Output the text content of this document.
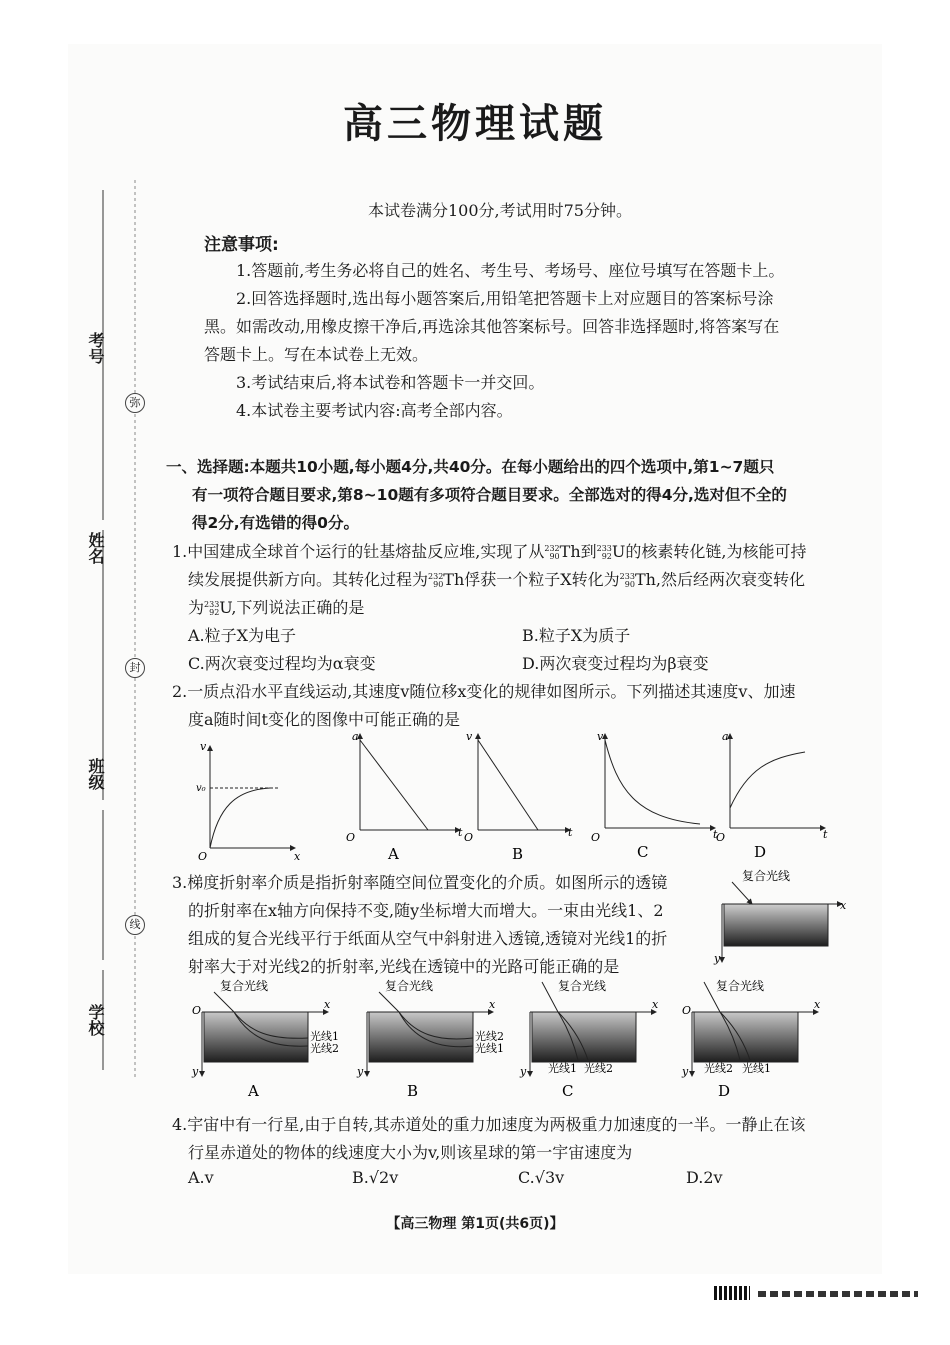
考号
姓名
班级
学校
弥
封
线
高三物理试题
本试卷满分100分,考试用时75分钟。
注意事项:
1.答题前,考生务必将自己的姓名、考生号、考场号、座位号填写在答题卡上。
2.回答选择题时,选出每小题答案后,用铅笔把答题卡上对应题目的答案标号涂
黑。如需改动,用橡皮擦干净后,再选涂其他答案标号。回答非选择题时,将答案写在
答题卡上。写在本试卷上无效。
3.考试结束后,将本试卷和答题卡一并交回。
4.本试卷主要考试内容:高考全部内容。
一、选择题:本题共10小题,每小题4分,共40分。在每小题给出的四个选项中,第1~7题只
有一项符合题目要求,第8~10题有多项符合题目要求。全部选对的得4分,选对但不全的
得2分,有选错的得0分。
1.中国建成全球首个运行的钍基熔盐反应堆,实现了从232
90Th到233
92U的核素转化链,为核能可持
续发展提供新方向。其转化过程为232
90Th俘获一个粒子X转化为233
90Th,然后经两次衰变转化
为233
92U,下列说法正确的是
A.粒子X为电子	B.粒子X为质子
C.两次衰变过程均为α衰变	D.两次衰变过程均为β衰变
2.一质点沿水平直线运动,其速度v随位移x变化的规律如图所示。下列描述其速度v、加速
度a随时间t变化的图像中可能正确的是
v
x
O
v₀
a
t
O
A
v
t
O
B
v
t
O
C
a
t
O
D
3.梯度折射率介质是指折射率随空间位置变化的介质。如图所示的透镜
的折射率在x轴方向保持不变,随y坐标增大而增大。一束由光线1、2
组成的复合光线平行于纸面从空气中斜射进入透镜,透镜对光线1的折
射率大于对光线2的折射率,光线在透镜中的光路可能正确的是
复合光线
x
y
O
复合光线
x
y
光线1
光线2
A
复合光线
x
y
光线2
光线1
B
复合光线
x
y 光线1 光线2
C
O
复合光线
x
y 光线2 光线1
D
4.宇宙中有一行星,由于自转,其赤道处的重力加速度为两极重力加速度的一半。一静止在该
行星赤道处的物体的线速度大小为v,则该星球的第一宇宙速度为
A.v	B.√2v	C.√3v	D.2v
【高三物理 第1页(共6页)】
